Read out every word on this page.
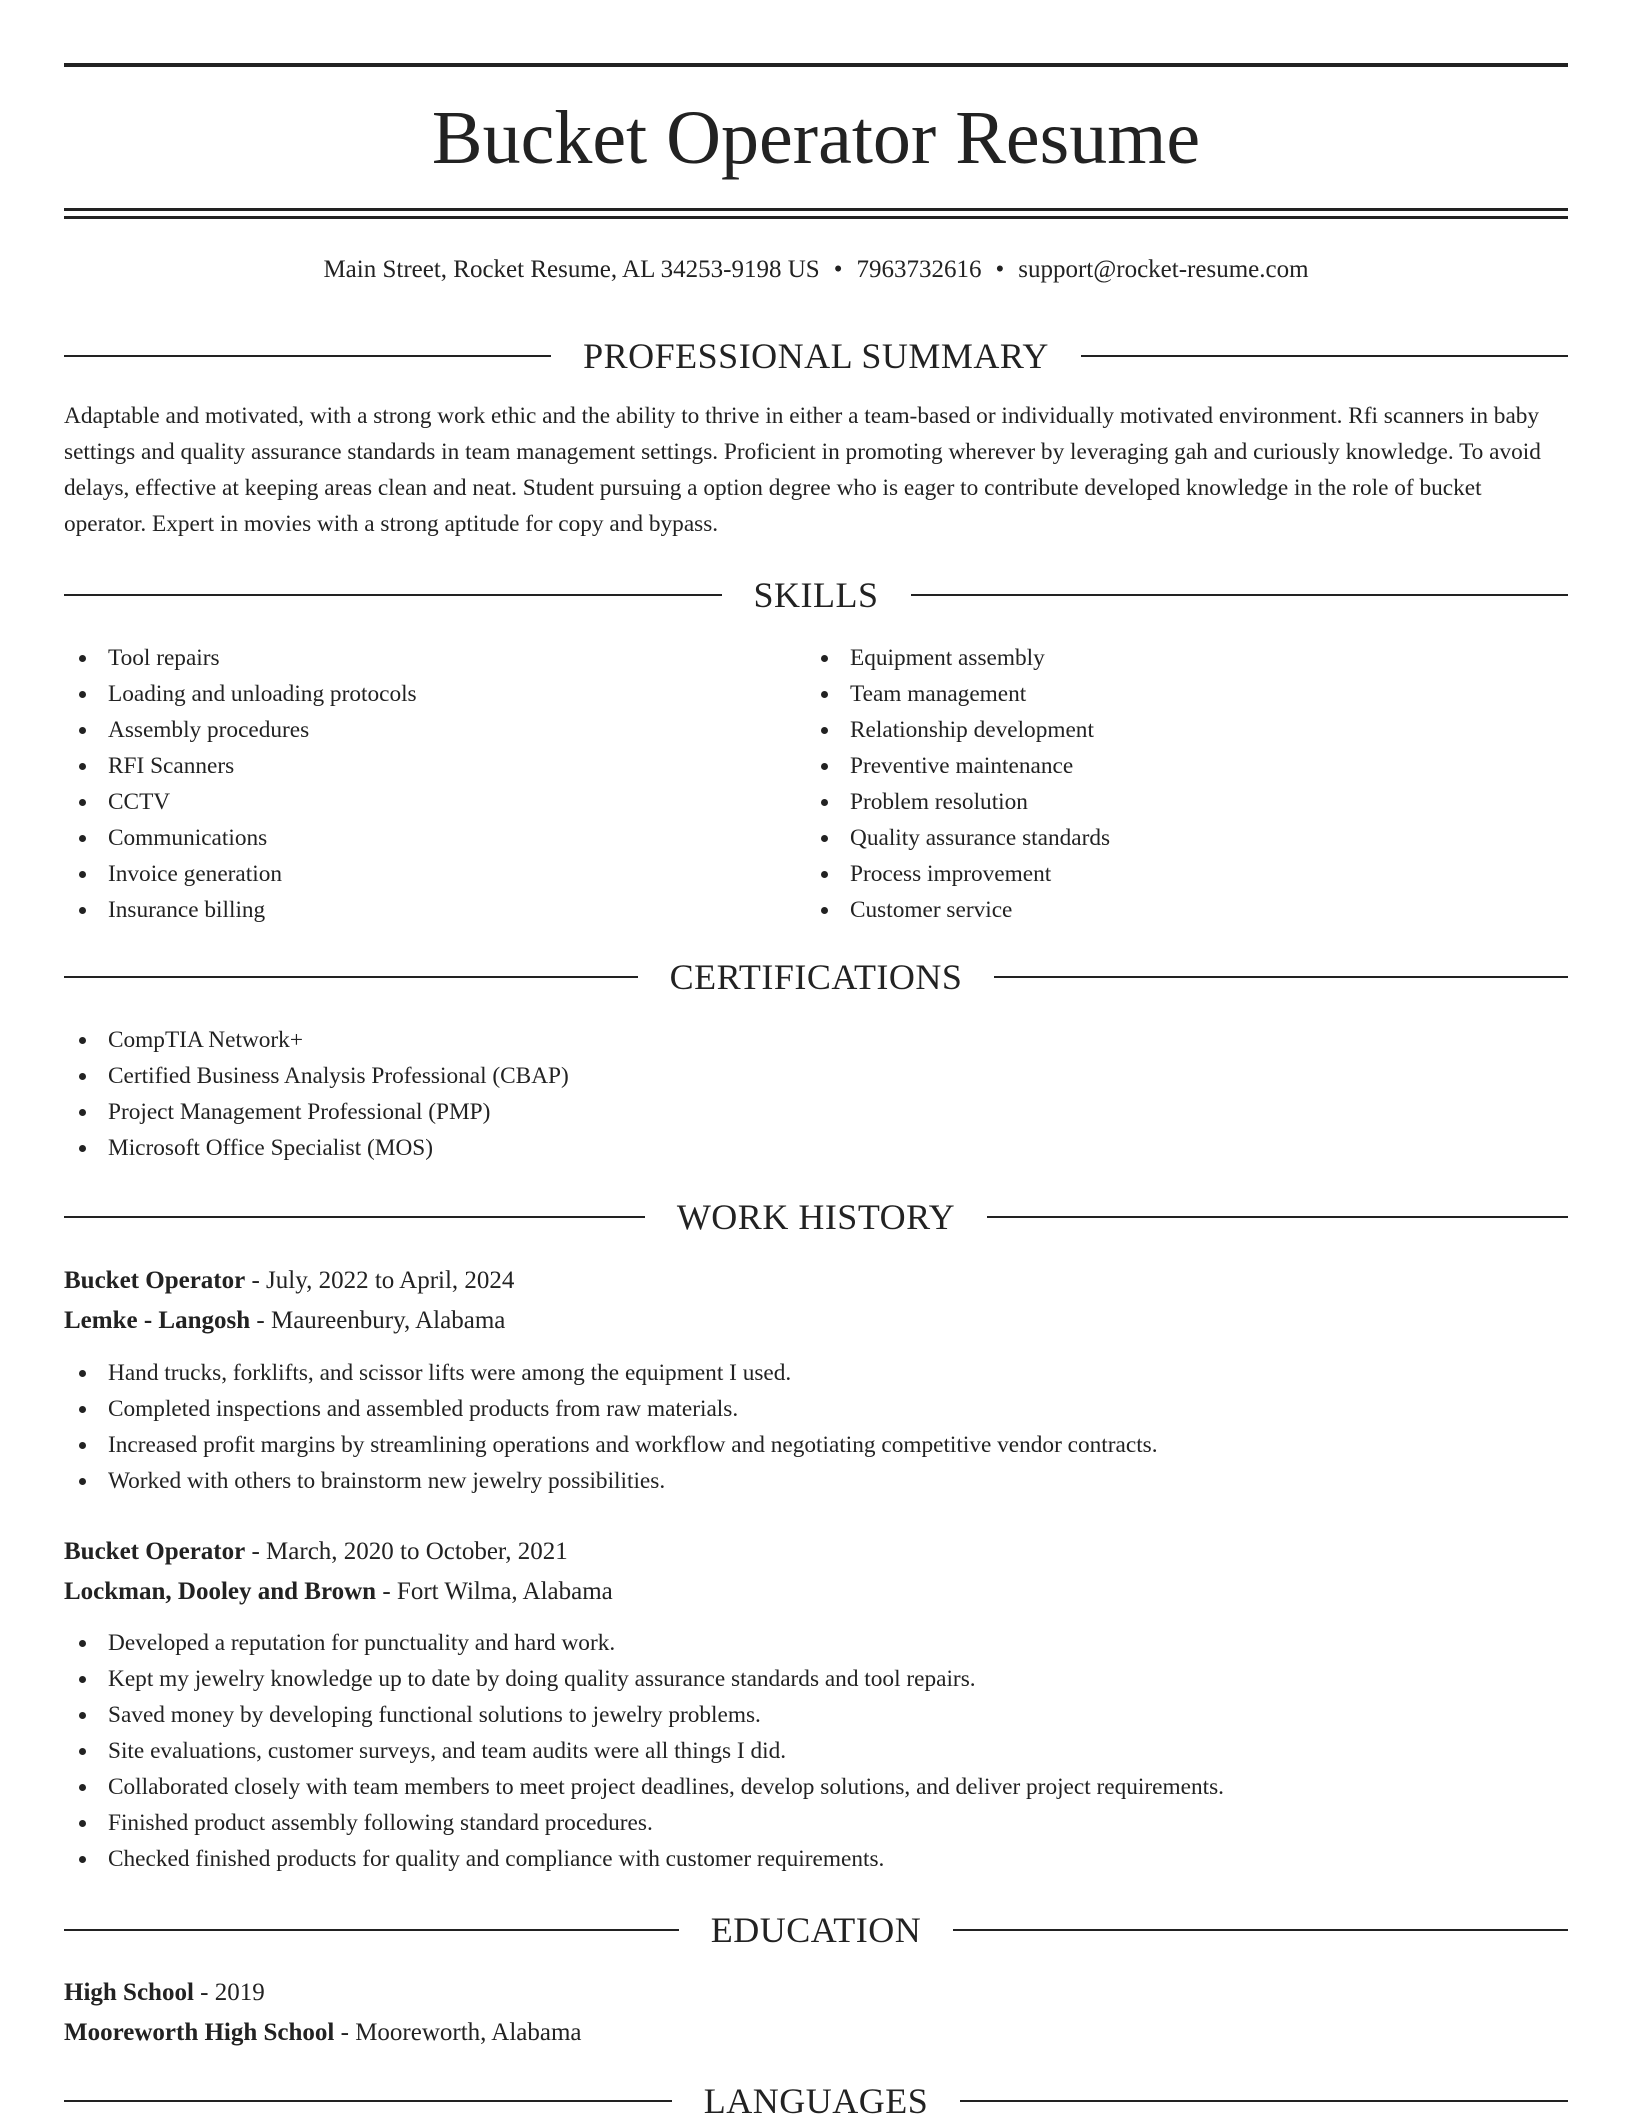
Bucket Operator Resume
Main Street, Rocket Resume, AL 34253-9198 US • 7963732616 • support@rocket-resume.com
PROFESSIONAL SUMMARY

Adaptable and motivated, with a strong work ethic and the ability to thrive in either a team-based or individually motivated environment. Rfi scanners in baby settings and quality assurance standards in team management settings. Proficient in promoting wherever by leveraging gah and curiously knowledge. To avoid delays, effective at keeping areas clean and neat. Student pursuing a option degree who is eager to contribute developed knowledge in the role of bucket operator. Expert in movies with a strong aptitude for copy and bypass.

SKILLS
Tool repairs
Loading and unloading protocols
Assembly procedures
RFI Scanners
CCTV
Communications
Invoice generation
Insurance billing
Equipment assembly
Team management
Relationship development
Preventive maintenance
Problem resolution
Quality assurance standards
Process improvement
Customer service
CERTIFICATIONS
CompTIA Network+
Certified Business Analysis Professional (CBAP)
Project Management Professional (PMP)
Microsoft Office Specialist (MOS)
WORK HISTORY
Bucket Operator - July, 2022 to April, 2024
Lemke - Langosh - Maureenbury, Alabama
Hand trucks, forklifts, and scissor lifts were among the equipment I used.
Completed inspections and assembled products from raw materials.
Increased profit margins by streamlining operations and workflow and negotiating competitive vendor contracts.
Worked with others to brainstorm new jewelry possibilities.
Bucket Operator - March, 2020 to October, 2021
Lockman, Dooley and Brown - Fort Wilma, Alabama
Developed a reputation for punctuality and hard work.
Kept my jewelry knowledge up to date by doing quality assurance standards and tool repairs.
Saved money by developing functional solutions to jewelry problems.
Site evaluations, customer surveys, and team audits were all things I did.
Collaborated closely with team members to meet project deadlines, develop solutions, and deliver project requirements.
Finished product assembly following standard procedures.
Checked finished products for quality and compliance with customer requirements.
EDUCATION
High School - 2019
Mooreworth High School - Mooreworth, Alabama
LANGUAGES
